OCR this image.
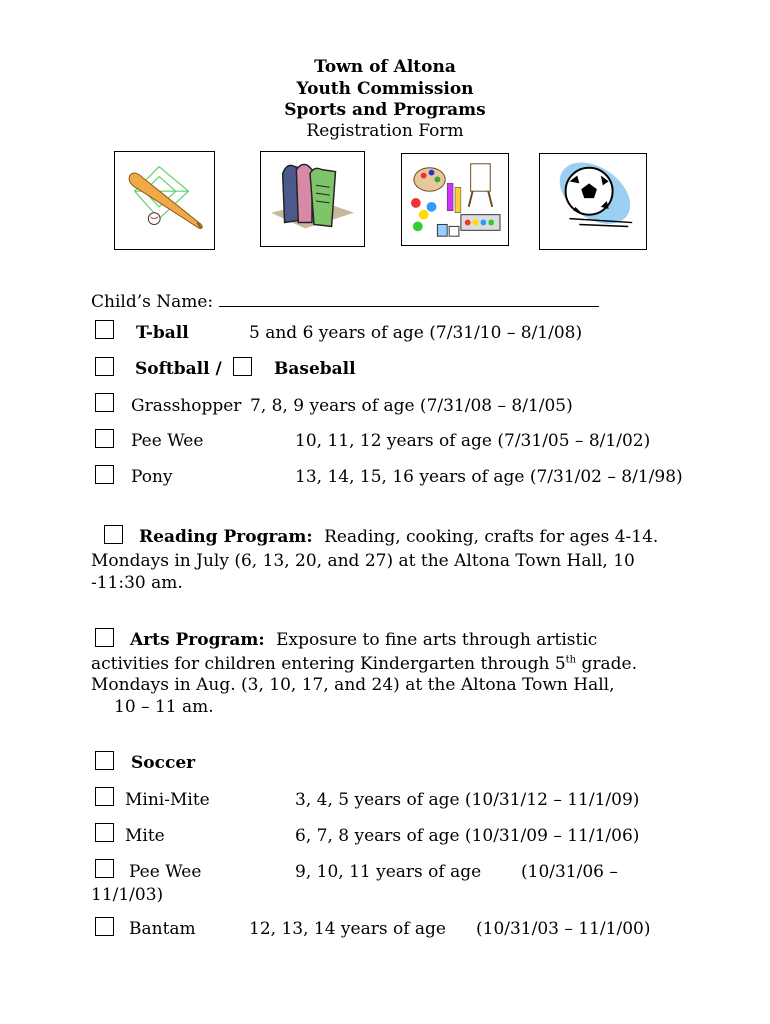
Town of Altona
Youth Commission
Sports and Programs
Registration Form
Child’s Name:
T-ball	5 and 6 years of age (7/31/10 – 8/1/08)
Softball /	Baseball
Grasshopper 7, 8, 9 years of age (7/31/08 – 8/1/05)
Pee Wee	10, 11, 12 years of age (7/31/05 – 8/1/02)
Pony	13, 14, 15, 16 years of age (7/31/02 – 8/1/98)
Reading Program: Reading, cooking, crafts for ages 4-14.
Mondays in July (6, 13, 20, and 27) at the Altona Town Hall, 10
-11:30 am.
Arts Program: Exposure to fine arts through artistic
activities for children entering Kindergarten through 5th grade.
Mondays in Aug. (3, 10, 17, and 24) at the Altona Town Hall,
10 – 11 am.
Soccer
Mini-Mite	3, 4, 5 years of age (10/31/12 – 11/1/09)
Mite	6, 7, 8 years of age (10/31/09 – 11/1/06)
Pee Wee	9, 10, 11 years of age (10/31/06 –
11/1/03)
Bantam	12, 13, 14 years of age (10/31/03 – 11/1/00)
